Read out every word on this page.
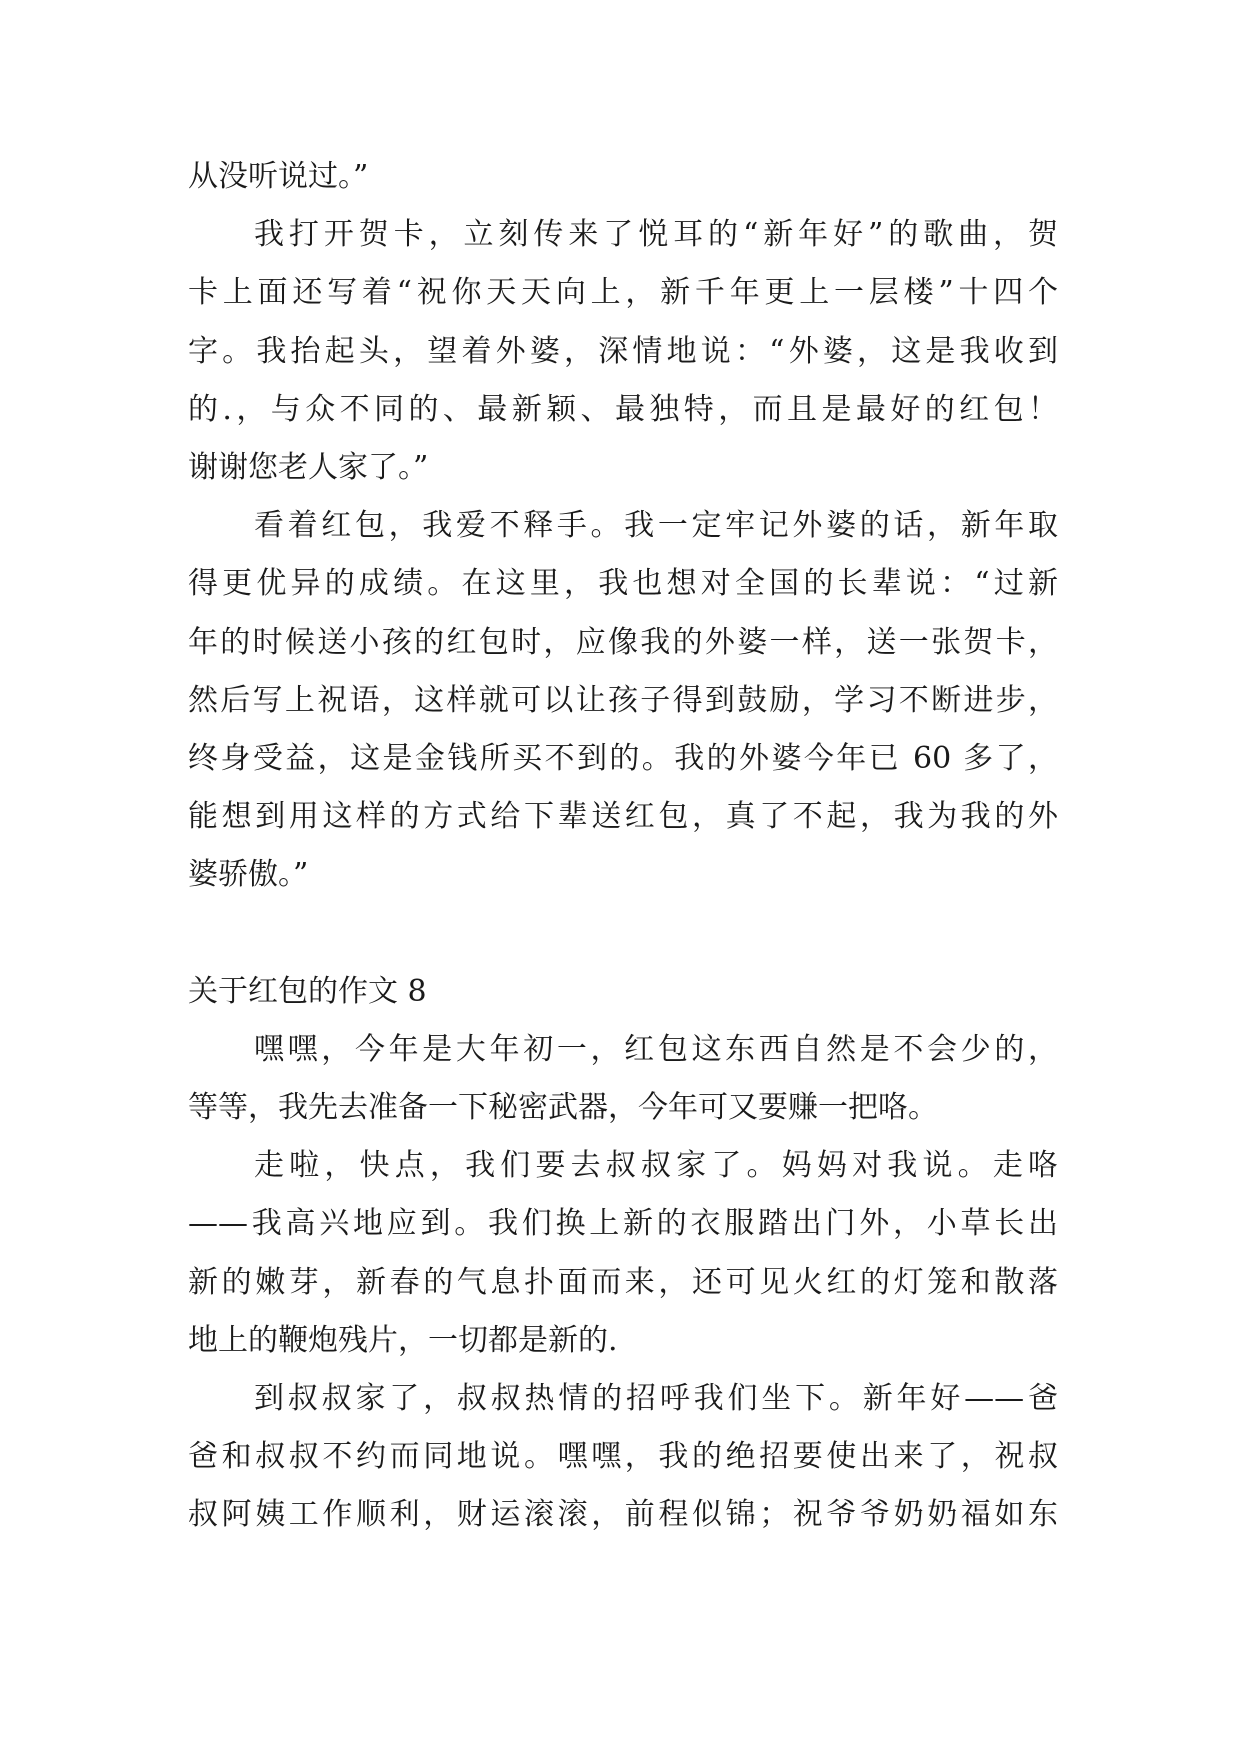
从没听说过。”
我打开贺卡，立刻传来了悦耳的“新年好”的歌曲，贺
卡上面还写着“祝你天天向上，新千年更上一层楼”十四个
字。我抬起头，望着外婆，深情地说：“外婆，这是我收到
的.，与众不同的、最新颖、最独特，而且是最好的红包！
谢谢您老人家了。”
看着红包，我爱不释手。我一定牢记外婆的话，新年取
得更优异的成绩。在这里，我也想对全国的长辈说：“过新
年的时候送小孩的红包时，应像我的外婆一样，送一张贺卡，
然后写上祝语，这样就可以让孩子得到鼓励，学习不断进步，
终身受益，这是金钱所买不到的。我的外婆今年已 60 多了，
能想到用这样的方式给下辈送红包，真了不起，我为我的外
婆骄傲。”
关于红包的作文 8
嘿嘿，今年是大年初一，红包这东西自然是不会少的，
等等，我先去准备一下秘密武器，今年可又要赚一把咯。
走啦，快点，我们要去叔叔家了。妈妈对我说。走咯
——我高兴地应到。我们换上新的衣服踏出门外，小草长出
新的嫩芽，新春的气息扑面而来，还可见火红的灯笼和散落
地上的鞭炮残片，一切都是新的.
到叔叔家了，叔叔热情的招呼我们坐下。新年好——爸
爸和叔叔不约而同地说。嘿嘿，我的绝招要使出来了，祝叔
叔阿姨工作顺利，财运滚滚，前程似锦；祝爷爷奶奶福如东
